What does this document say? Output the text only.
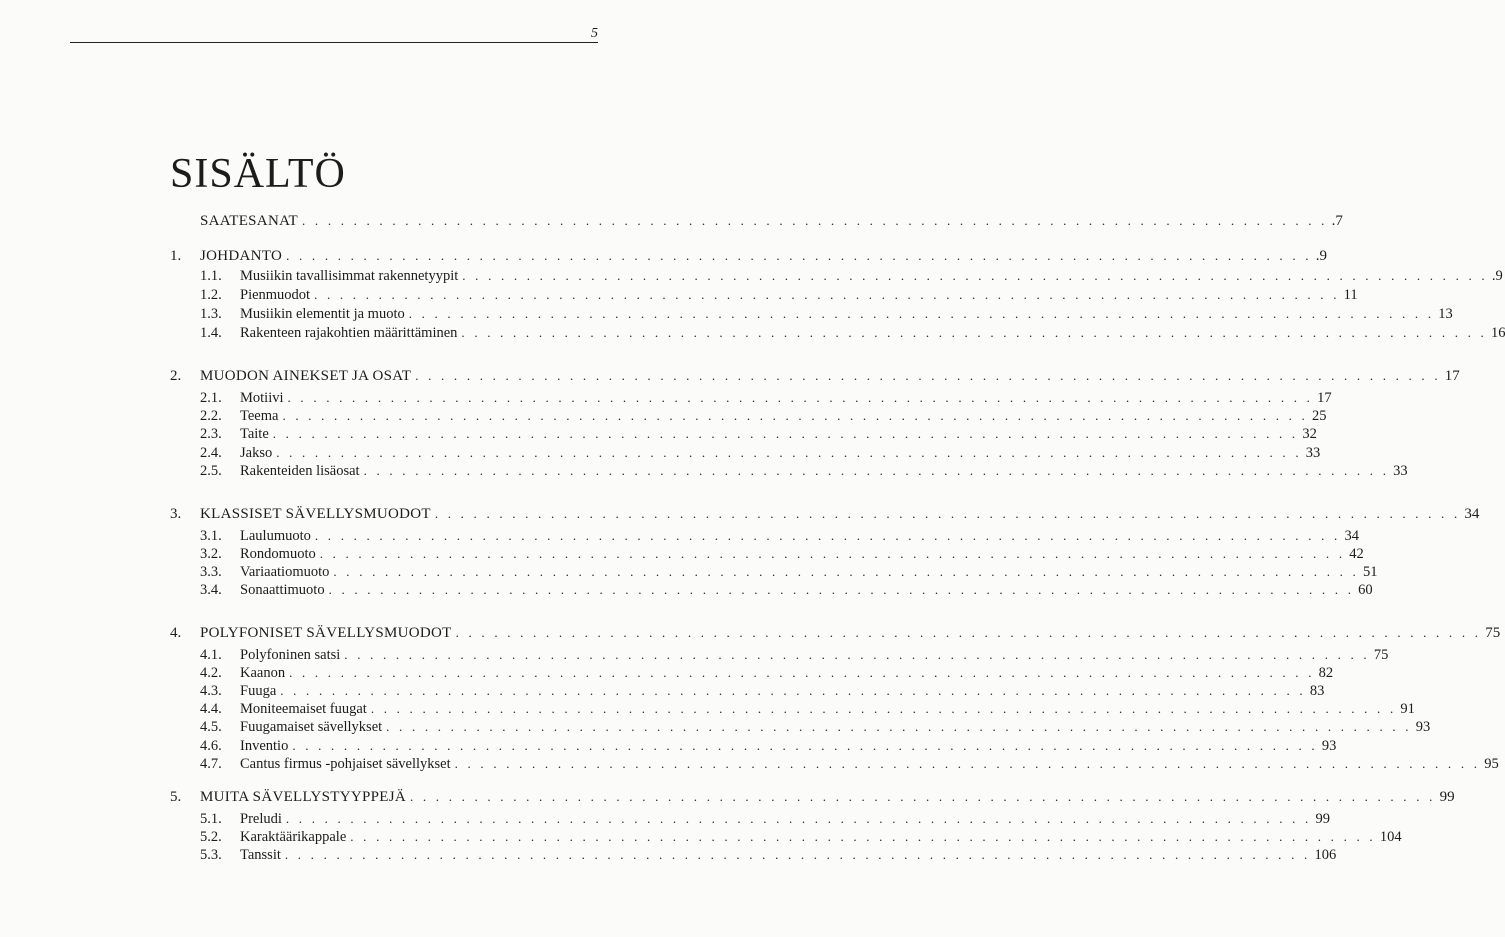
5
SISÄLTÖ
SAATESANAT . . . . . . . . . . . . . . . . . . . . . . . . . . . . . . . . . . . . . . . . . . . . . . . . . . . . . . . . . . . . . . . . . . . . . . . . . . . . . . . . .7
1.	JOHDANTO . . . . . . . . . . . . . . . . . . . . . . . . . . . . . . . . . . . . . . . . . . . . . . . . . . . . . . . . . . . . . . . . . . . . . . . . . . . . . . . . .9
1.1.	Musiikin tavallisimmat rakennetyypit . . . . . . . . . . . . . . . . . . . . . . . . . . . . . . . . . . . . . . . . . . . . . . . . . . . . . . . . . . . . . . . . . . . . . . . . . . . . . . . . .9
1.2.	Pienmuodot . . . . . . . . . . . . . . . . . . . . . . . . . . . . . . . . . . . . . . . . . . . . . . . . . . . . . . . . . . . . . . . . . . . . . . . . . . . . . . . . 11
1.3.	Musiikin elementit ja muoto . . . . . . . . . . . . . . . . . . . . . . . . . . . . . . . . . . . . . . . . . . . . . . . . . . . . . . . . . . . . . . . . . . . . . . . . . . . . . . . . 13
1.4.	Rakenteen rajakohtien määrittäminen . . . . . . . . . . . . . . . . . . . . . . . . . . . . . . . . . . . . . . . . . . . . . . . . . . . . . . . . . . . . . . . . . . . . . . . . . . . . . . . . 16
2.	MUODON AINEKSET JA OSAT . . . . . . . . . . . . . . . . . . . . . . . . . . . . . . . . . . . . . . . . . . . . . . . . . . . . . . . . . . . . . . . . . . . . . . . . . . . . . . . . 17
2.1.	Motiivi . . . . . . . . . . . . . . . . . . . . . . . . . . . . . . . . . . . . . . . . . . . . . . . . . . . . . . . . . . . . . . . . . . . . . . . . . . . . . . . . 17
2.2.	Teema . . . . . . . . . . . . . . . . . . . . . . . . . . . . . . . . . . . . . . . . . . . . . . . . . . . . . . . . . . . . . . . . . . . . . . . . . . . . . . . . 25
2.3.	Taite . . . . . . . . . . . . . . . . . . . . . . . . . . . . . . . . . . . . . . . . . . . . . . . . . . . . . . . . . . . . . . . . . . . . . . . . . . . . . . . . 32
2.4.	Jakso . . . . . . . . . . . . . . . . . . . . . . . . . . . . . . . . . . . . . . . . . . . . . . . . . . . . . . . . . . . . . . . . . . . . . . . . . . . . . . . . 33
2.5.	Rakenteiden lisäosat . . . . . . . . . . . . . . . . . . . . . . . . . . . . . . . . . . . . . . . . . . . . . . . . . . . . . . . . . . . . . . . . . . . . . . . . . . . . . . . . 33
3.	KLASSISET SÄVELLYSMUODOT . . . . . . . . . . . . . . . . . . . . . . . . . . . . . . . . . . . . . . . . . . . . . . . . . . . . . . . . . . . . . . . . . . . . . . . . . . . . . . . . 34
3.1.	Laulumuoto . . . . . . . . . . . . . . . . . . . . . . . . . . . . . . . . . . . . . . . . . . . . . . . . . . . . . . . . . . . . . . . . . . . . . . . . . . . . . . . . 34
3.2.	Rondomuoto . . . . . . . . . . . . . . . . . . . . . . . . . . . . . . . . . . . . . . . . . . . . . . . . . . . . . . . . . . . . . . . . . . . . . . . . . . . . . . . . 42
3.3.	Variaatiomuoto . . . . . . . . . . . . . . . . . . . . . . . . . . . . . . . . . . . . . . . . . . . . . . . . . . . . . . . . . . . . . . . . . . . . . . . . . . . . . . . . 51
3.4.	Sonaattimuoto . . . . . . . . . . . . . . . . . . . . . . . . . . . . . . . . . . . . . . . . . . . . . . . . . . . . . . . . . . . . . . . . . . . . . . . . . . . . . . . . 60
4.	POLYFONISET SÄVELLYSMUODOT . . . . . . . . . . . . . . . . . . . . . . . . . . . . . . . . . . . . . . . . . . . . . . . . . . . . . . . . . . . . . . . . . . . . . . . . . . . . . . . . 75
4.1.	Polyfoninen satsi . . . . . . . . . . . . . . . . . . . . . . . . . . . . . . . . . . . . . . . . . . . . . . . . . . . . . . . . . . . . . . . . . . . . . . . . . . . . . . . . 75
4.2.	Kaanon . . . . . . . . . . . . . . . . . . . . . . . . . . . . . . . . . . . . . . . . . . . . . . . . . . . . . . . . . . . . . . . . . . . . . . . . . . . . . . . . 82
4.3.	Fuuga . . . . . . . . . . . . . . . . . . . . . . . . . . . . . . . . . . . . . . . . . . . . . . . . . . . . . . . . . . . . . . . . . . . . . . . . . . . . . . . . 83
4.4.	Moniteemaiset fuugat . . . . . . . . . . . . . . . . . . . . . . . . . . . . . . . . . . . . . . . . . . . . . . . . . . . . . . . . . . . . . . . . . . . . . . . . . . . . . . . . 91
4.5.	Fuugamaiset sävellykset . . . . . . . . . . . . . . . . . . . . . . . . . . . . . . . . . . . . . . . . . . . . . . . . . . . . . . . . . . . . . . . . . . . . . . . . . . . . . . . . 93
4.6.	Inventio . . . . . . . . . . . . . . . . . . . . . . . . . . . . . . . . . . . . . . . . . . . . . . . . . . . . . . . . . . . . . . . . . . . . . . . . . . . . . . . . 93
4.7.	Cantus firmus -pohjaiset sävellykset . . . . . . . . . . . . . . . . . . . . . . . . . . . . . . . . . . . . . . . . . . . . . . . . . . . . . . . . . . . . . . . . . . . . . . . . . . . . . . . . 95
5.	MUITA SÄVELLYSTYYPPEJÄ . . . . . . . . . . . . . . . . . . . . . . . . . . . . . . . . . . . . . . . . . . . . . . . . . . . . . . . . . . . . . . . . . . . . . . . . . . . . . . . . 99
5.1.	Preludi . . . . . . . . . . . . . . . . . . . . . . . . . . . . . . . . . . . . . . . . . . . . . . . . . . . . . . . . . . . . . . . . . . . . . . . . . . . . . . . . 99
5.2.	Karaktäärikappale . . . . . . . . . . . . . . . . . . . . . . . . . . . . . . . . . . . . . . . . . . . . . . . . . . . . . . . . . . . . . . . . . . . . . . . . . . . . . . . . 104
5.3.	Tanssit . . . . . . . . . . . . . . . . . . . . . . . . . . . . . . . . . . . . . . . . . . . . . . . . . . . . . . . . . . . . . . . . . . . . . . . . . . . . . . . . 106
